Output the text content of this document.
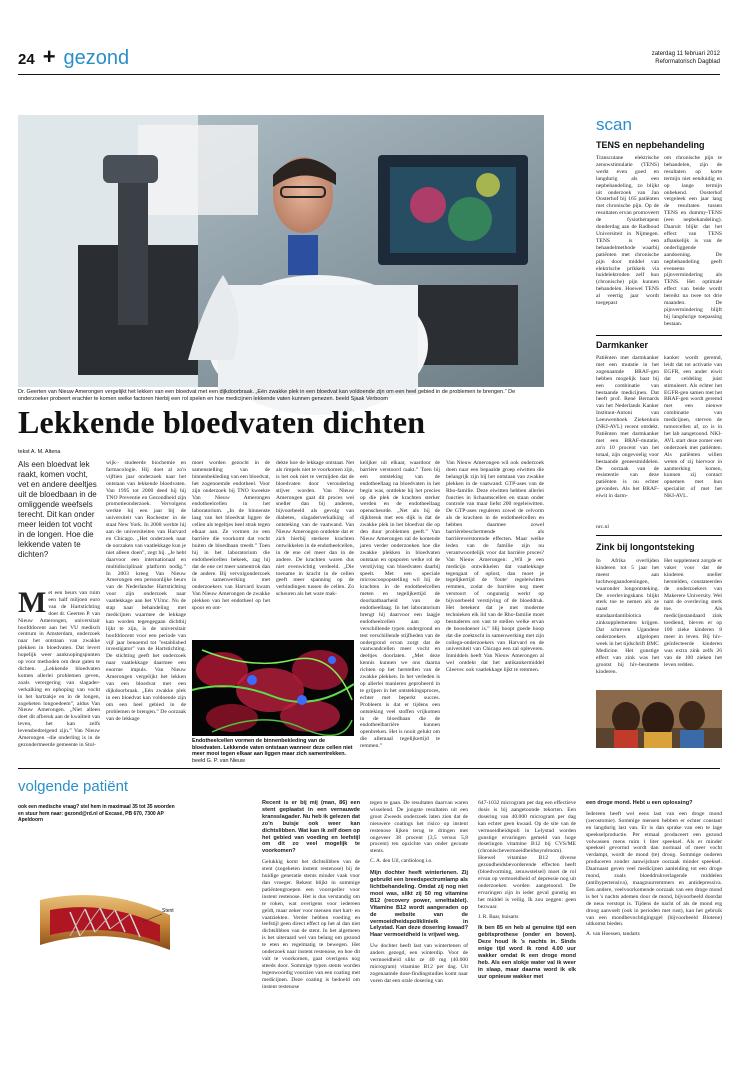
24 + gezond	zaterdag 11 februari 2012
Reformatorisch Dagblad
Dr. Geerten van Nieuw Amerongen vergelijkt het lekken van een bloedvat met een dijkdoorbraak. „Eén zwakke plek in een bloedvat kan voldoende zijn om een heel gebied in de problemen te brengen.” De onderzoeker probeert erachter te komen welke factoren hierbij een rol spelen en hoe medicijnen lekkende vaten kunnen genezen. beeld Sjaak Verboom
Lekkende bloedvaten dichten
tekst A. M. Altena
Als een bloedvat lek raakt, komen vocht, vet en andere deeltjes uit de bloedbaan in de omliggende weefsels terecht. Dit kan onder meer leiden tot vocht in de longen. Hoe die lekkende vaten te dichten?
Met een beurs van ruim een half miljoen euro van de Hartstichting doet dr. Geerten P. van Nieuw Amerongen, universitair hoofddocent aan het VU medisch centrum in Amsterdam, onderzoek naar het ontstaan van zwakke plekken in bloedvaten. Dat levert hopelijk weer aanknopingspunten op voor methoden om deze gaten te dichten. „Lekkende bloedvaten komen allerlei problemen geven, zoals verergering van slagader-verkalking en ophoping van vocht in het hartzakje en in de longen, zogeheten longoedeem”, aldus Van Nieuw Amerongen. „Niet alleen doet dit afbreuk aan de kwaliteit van leven, het kan zelfs levensbedreigend zijn.” Van Nieuw Amerongen –die onderling is in de gezondermeerde gemeente in Stol-
wijk– studeerde biochemie en farmacologie. Hij doet al zo'n vijftien jaar onderzoek naar het ontstaan van lekkende bloedvaten. Van 1995 tot 2000 deed hij bij TNO Preventie en Gezondheid zijn promotieonderzoek. Vervolgens werkte hij een jaar bij de universiteit van Rochester in de staat New York. In 2008 werkte hij aan de universiteiten van Harvard en Chicago. „Het onderzoek naar de oorzaken van vaatlekkage kun je niet alleen doen”, zegt hij. „Je hebt daarvoor een internationaal en multidisciplinair platform nodig.” In 2003 kreeg Van Nieuw Amerongen een persoonlijke beurs van de Nederlandse Hartstichting voor zijn onderzoek naar vaatlekkage aan het VUmc. Nu de stap naar behandeling met medicijnen waarmee de lekkage kan worden tegengegaan dichtbij lijkt te zijn, is de universitair hoofddocent voor een periode van vijf jaar benoemd tot "established investigator" van de Hartstichting. De stichting geeft het onderzoek naar vaatlekkage daarmee een enorme impuls. Van Nieuw Amerongen vergelijkt het lekken van een bloedvat met een dijkdoorbraak. „Eén zwakke plek in een bloedvat kan voldoende zijn om een heel gebied in de problemen te brengen.” De oorzaak van de lekkage
moet worden gezocht in de samenstelling van de binnenbekleding van een bloedvat, het zogenoemde endotheel. Voor zijn onderzoek bij TNO kweekte Van Nieuw Amerongen endotheelcellen in het laboratorium. „In de binnenste laag van het bloedvat liggen de cellen als tegeltjes heel strak tegen elkaar aan. Ze vormen zo een barrière die voorkomt dat vocht buiten de bloedbaan treedt.” Toen hij in het laboratorium die endotheelcellen bekeek, zag hij dat de ene cel meer samentrok dan de andere. Bij vervolgonderzoek in samenwerking met onderzoekers van Harvard kwam Van Nieuw Amerongen de zwakke plekken van het endotheel op het spoor en ont-
dekte hoe de lekkage ontstaat. Net als rimpels niet te voorkomen zijn, is het ook niet te vermijden dat de bloedvaten door veroudering stijver worden. Van Nieuw Amerongen gaat dit proces wel sneller dan bij anderen, bijvoorbeeld als gevolg van diabetes, slagaderverkalking of ontsteking van de vaatwand. Van Nieuw Amerongen ontdekte dat er zich hierbij sterkere krachten ontwikkelen in de endotheelcellen, in de ene cel meer dan in de andere. De krachten waren dus niet evenwichtig verdeeld. „Die toename in kracht in de cellen geeft meer spanning op de verbindingen tussen de cellen. Zo scheuren als het ware mak-
kelijker uit elkaar, waardoor de barrière verstoord raakt.” Toen bij een ontsteking van de endotheellaag na bloedvaten in het begin was, ontdekte hij het precies op die plek de krachten sterker werden en de endotheellaag openscheurde. „Net als bij de dijkbreuk met een dijk is dat de zwakke plek in het bloedvat die op den duur problemen geeft.” Van Nieuw Amerongen zal de komende jaren verder onderzoeken hoe die zwakke plekken in bloedvaten ontstaan en opsporen welke rol de verstijving van bloedvaten daarbij speelt. Met een speciale microscoopopstelling wil hij de krachten in de endotheelcellen meten en tegelijkertijd de doorlaatbaarheid van de endotheellaag. In het laboratorium brengt hij daarvoor een laagje endotheelcellen aan op verschillende typen ondergrond en test verschillende stijfheden van de ondergrond ervan zorgt dat de vaatwandcellen meer vocht en deeltjes doorlaten. „Met deze kennis kunnen we ons daarna richten op het herstellen van de zwakke plekken. In het verleden is op allerlei manieren geprobeerd in te grijpen in het ontstekingsproces, echter met beperkt succes. Probleem is dat er tijdens een ontsteking veel stoffen vrijkomen in de bloedbaan die de endotheelbarrière kunnen openbreken. Het is nooit gelukt om die allemaal tegelijkertijd te remmen.”
Van Nieuw Amerongen wil ook onderzoek doen naar een bepaalde groep eiwitten die belangrijk zijn bij het ontstaan van zwakke plekken in de vaatwand: GTP-ases van de Rho-familie. Deze eiwitten hebben allerlei functies in lichaamscellen en staan onder controle van maar liefst 200 regeleiwitten. De GTP-ases reguleren zowel de celvorm als de krachten in de endotheelcellen en hebben daarmee zowel barrièrebeschermende als barrièreverstorende effecten. Maar welke leden van de familie zijn nu verantwoordelijk voor dat barrière proces? Van Nieuw Amerongen: „Wil je een medicijn ontwikkelen dat vaatlekkage tegengaat of oplost, dan moet je tegelijkertijd de 'foute' regeleiwitten remmen, zodat de barrière nog meer verstoort of ongunstig werkt op bijvoorbeeld verstijving of de bloeddruk. Het betekent dat je met moderne technieken elk lid van de Rho-familie moet bestuderen om vast te stellen welke ervan de boosdoener is.” Hij hoopt goede hoop dat die zoektocht in samenwerking met zijn collega-onderzoekers van Harvard en de universiteit van Chicago een zal opleveren. Inmiddels heeft Van Nieuw Amerongen al wel ontdekt dat het antikankermiddel Gleevec ook vaatlekkage lijkt te remmen.
Endotheelcellen vormen de binnenbekleding van de bloedvaten. Lekkende vaten ontstaan wanneer deze cellen niet meer mooi tegen elkaar aan liggen maar zich samentrekken. beeld G. P. van Nieuw
scan
TENS en nepbehandeling
Transcutane elektrische zenuwstimulatie (TENS) werkt even goed en langdurig als een nepbehandeling, zo blijkt uit onderzoek van Jan Oosterhof bij 165 patiënten met chronische pijn. Op de resultaten ervan promoveert de fysiotherapeut donderdag aan de Radboud Universiteit in Nijmegen. TENS is een behandelmethode waarbij patiënten met chronische pijn door middel van elektrische prikkels via huidelektroden zelf hun (chronische) pijn kunnen behandelen. Hoewel TENS al veertig jaar wordt toegepast
om chronische pijn te behandelen, zijn de resultaten op korte termijn niet eenduidig en op lange termijn onbekend. Oosterhof vergeleek een jaar lang de resultaten tussen TENS en dummy-TENS (een nepbehandeling). Daaruit blijkt dat het effect van TENS afhankelijk is van de onderliggende aandoening. De nepbehandeling geeft eveneens pijnvermindering als TENS. Het optimale effect van beide wordt bereikt na twee tot drie maanden. De pijnvermindering blijft bij langdurige toepassing bestaan.
Darmkanker
Patiënten met darmkanker met een mutatie in het zogenaamde BRAF-gen hebben mogelijk baat bij een combinatie van bestaande medicijnen. Dat heeft prof. René Bernards van het Nederlands Kanker Instituut-Antoni van Leeuwenhoek Ziekenhuis (NKI-AVL) recent ontdekt. Patiënten met darmkanker met een BRAF-mutatie, zo'n 10 procent van het totaal, zijn ongevoelig voor bestaande geneesmiddelen. De oorzaak van de resistentie van deze patiënten is nu echter gevonden. Als het BRAF-eiwit in darm-
kanker wordt geremd, leidt dat tot activatie van EGFR, een ander eiwit dat celdeling juist stimuleert. Als echter het EGFR-gen samen met het BRAF-gen wordt geremd met een nieuwe combinatie van medicijnen, sterven de tumorcellen af, zo is in het lab aangetoond. NKI-AVL start deze zomer een onderzoek met patiënten. Als patiënten willen weten of zij hiervoor in aanmerking komen, kunnen zij contact opnemen met hun specialist of met het NKI-AVL.
nrc.nl
Zink bij longontsteking
In Afrika overlijden kinderen tot 5 jaar het meest aan luchtwegaandoeningen, waaronder longontsteking. De overlevingskans blijkt sterk toe te nemen als ze naast de standaardantibiotica zinksupplementen krijgen. Dat schreven Ugandese onderzoekers afgelopen week in het tijdschrift BMC Medicine. Het gunstige effect van zink was het grootst bij hiv-besmette kinderen.
Het supplement zorgde er vaker voor dat de kinderen sneller herstelden, constateerden de onderzoekers van Makerere University. Wel nam de overleving sterk toe. Als medicijnstandaard zink toediend, bleven er op 100 zieke kinderen 8 meer in leven. Bij hiv-geïnfecteerde kinderen was extra zink zelfs 26 van de 100 zieken het leven redden.
volgende patiënt
ook een medische vraag? stel hem in maximaal 35 tot 35 woorden en stuur hem naar: gezond@rd.nl of Excasé, PB 670, 7300 AP Apeldoorn
Stent
Recent is er bij mij (man, 86) een stent geplaatst in een vernauwde kransslagader. Nu heb ik gelezen dat zo'n buisje ook weer kan dichtslibben. Wat kan ik zelf doen op het gebied van voeding en leefstijl om dit zo veel mogelijk te voorkomen?

Gelukkig komt het dichtslibben van de stent (zogeheten instent restenose) bij de huidige generatie stents minder vaak voor dan vroeger. Rekent blijkt in sommige patiëntengroepen een voorspeller voor instent restenose. Het is dus verstandig om te roken, wat overigens voor iedereen geldt, maar zeker voor mensen met hart- en vaatziekten. Verder hebben voeding en leefstijl geen direct effect op het al dan niet dichtslibben van de stent. In het algemeen is het uiteraard wel van belang om gezond te eten en regelmatig te bewegen. Het onderzoek naar instent restenose, en hoe dit valt te voorkomen, gaat overigens nog steeds door. Sommige typen stents worden tegenwoordig voorzien van een coating met medicijnen. Deze coating is bedoeld om instent restenose

tegen te gaan. De resultaten daarvan waren wisselend. De jongste resultaten uit een groot Zweeds onderzoek laten zien dat de nieuwere coatings het risico op instent restenose lijken terug te dringen met ongeveer 38 procent (3,5 versus 5,8 procent) ten opzichte van onder gecoate stents.

C. A. den Uil, cardioloog i.o.

Mijn dochter heeft wintertenen. Zij gebruikt een breedspectrumlamp als lichtbehandeling. Omdat zij nog niet mooi was, slikt zij 50 mg vitamine B12 (recovery power, smelttablet). Vitamine B12 wordt aangeraden op de website van de vermoeidheidspoliklinieik in Lelystad. Kan deze dosering kwaad? Haar vermoeidheid is vrijwel weg.

Uw dochter heeft last van wintertenen of anders gezegd, een winterdip. Voor de vermoeidheid slikt ze 40 mg (40.000 microgram) vitamine B12 per dag. Uit zogenaamde dose-findingstudies komt naar voren dat een orale dosering van

647-1032 microgram per dag een effectieve dosis is bij aangetoonde tekorten. Een dosering van 40.000 microgram per dag kan echter geen kwaad. Op de site van de vermoeidheidspoli in Lelystad worden gunstige ervaringen gemeld van hoge doseringen vitamine B12 bij CVS/ME (chronischevermoeidheidssyndroom). Hoewel vitamine B12 diverse gezondheidsbevorderende effecten heeft (bloedvorming, zenuwstelsel) moet de rol ervan op vermoeidheid of depressie nog uit onderzoeken worden aangetoond. De ervaringen zijn in ieder geval gunstig en het middel is veilig. Ik zou zeggen: geen bezwaar.

J. R. Baar, huisarts

Ik ben 85 en heb al genuine tijd een gebitsprothese (onder en boven). Deze houd ik 's nachts in. Sinds enige tijd word ik rond 4.00 uur wakker omdat ik een droge mond heb. Als een slokje water val ik weer in slaap, maar daarna word ik elk uur opnieuw wakker met

een droge mond. Hebt u een oplossing?

Iedereen heeft wel eens last van een droge mond (xerostomie). Sommige mensen hebben er echter constant en langdurig last van. Er is dan sprake van een te lage speekselproductie. Per etmaal produceert een gezond volwassen mens ruim 1 liter speeksel. Als er minder speeksel gevormd wordt dan normaal of meer vocht verdampt, wordt de mond (te) droog. Sommige ouderen produceren zonder aanwijsbare oorzaak minder speeksel. Daarnaast geven veel medicijnen aanleiding tot een droge mond, zoals bloeddrukverlagende middelen (antihypertensiva), maagzuurremmers en antidepressiva. Een andere, veelvoorkomende oorzaak van een droge mond is het 's nachts ademen door de mond, bijvoorbeeld doordat de neus verstopt is. Tijdens de nacht of als de mond erg droog aanvoelt (ook in perioden met rust), kan het gebruik van een mondbevochtigingsgel (bijvoorbeeld Biotene) uitkomst bieden.

A. van Hoessen, tandarts
